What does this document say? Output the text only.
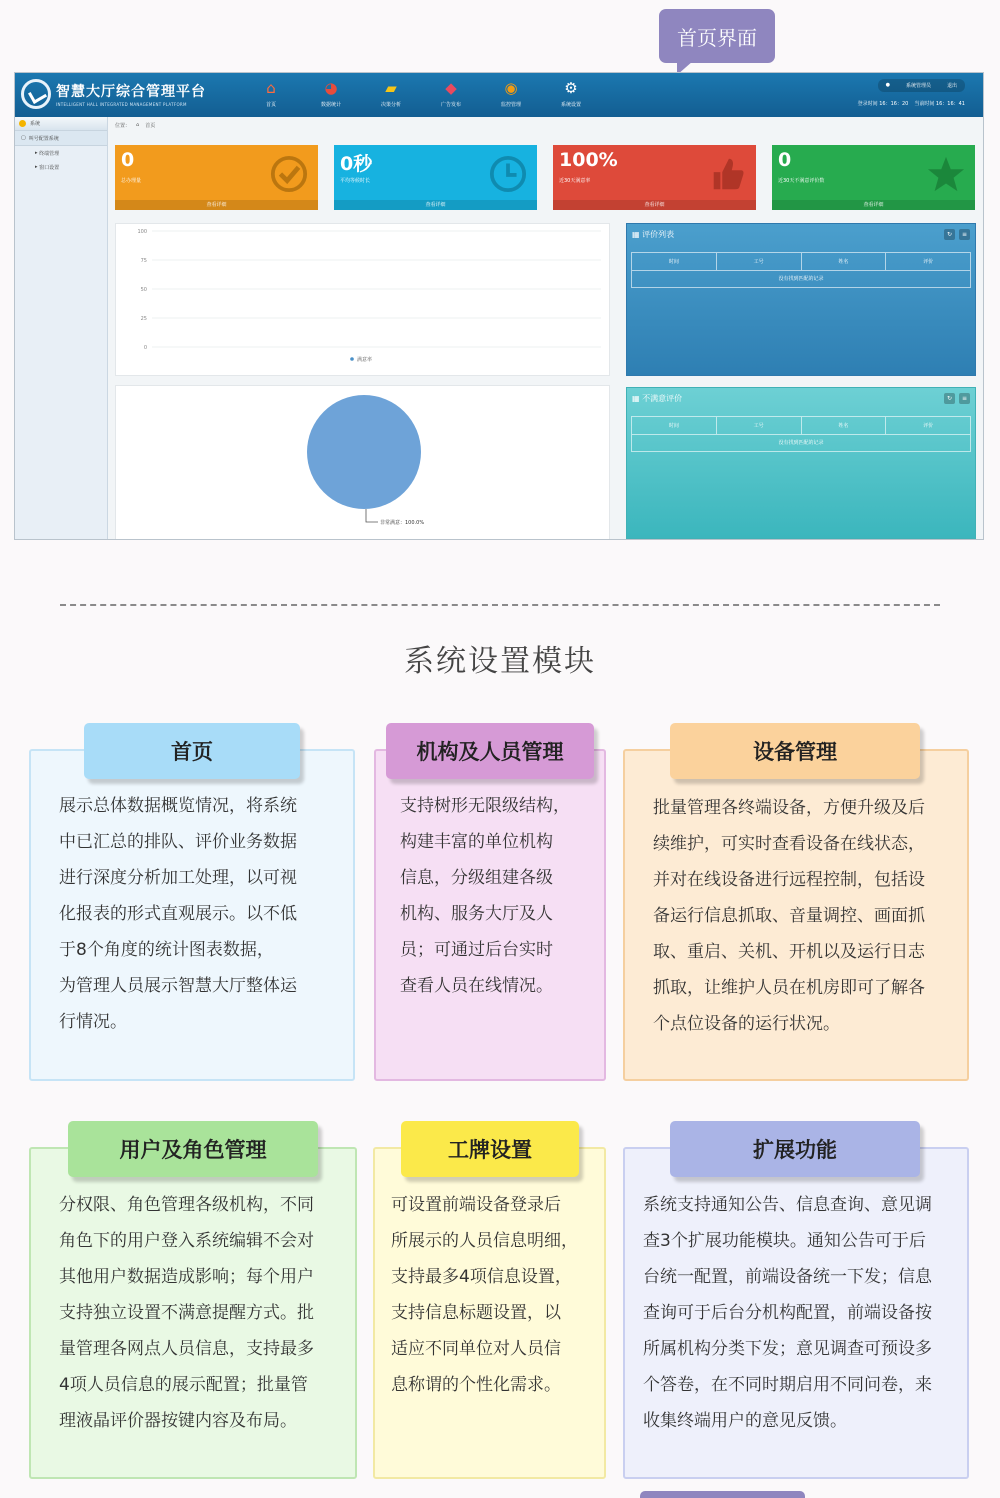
首页界面
智慧大厅综合管理平台
INTELLIGENT HALL INTEGRATED MANAGEMENT PLATFORM
⌂
首页
◕
数据统计
▰
决策分析
◆
广告发布
◉
监控管理
⚙
系统设置
●	系统管理员	退出
登录时间 16：16：20 当前时间 16：16：41
系统
▢ 叫号配置系统
▸ 终端管理
▸ 窗口设置
位置： ⌂ 首页
0
总办理量
查看详细
0秒
平均等候时长
查看详细
100%
近30天满意率
查看详细
0
近30天不满意评价数
查看详细
100
75
50
25
0
满意率
非常满意：100.0%
▦ 评价列表	↻	≡
时间	工号	姓名	评价
没有找到匹配的记录
▦ 不满意评价	↻	≡
时间	工号	姓名	评价
没有找到匹配的记录
系统设置模块
展示总体数据概览情况，将系统
中已汇总的排队、评价业务数据
进行深度分析加工处理，以可视
化报表的形式直观展示。以不低
于8个角度的统计图表数据，
为管理人员展示智慧大厅整体运
行情况。
首页
支持树形无限级结构，
构建丰富的单位机构
信息，分级组建各级
机构、服务大厅及人
员；可通过后台实时
查看人员在线情况。
机构及人员管理
批量管理各终端设备，方便升级及后
续维护，可实时查看设备在线状态，
并对在线设备进行远程控制，包括设
备运行信息抓取、音量调控、画面抓
取、重启、关机、开机以及运行日志
抓取，让维护人员在机房即可了解各
个点位设备的运行状况。
设备管理
分权限、角色管理各级机构，不同
角色下的用户登入系统编辑不会对
其他用户数据造成影响；每个用户
支持独立设置不满意提醒方式。批
量管理各网点人员信息，支持最多
4项人员信息的展示配置；批量管
理液晶评价器按键内容及布局。
用户及角色管理
可设置前端设备登录后
所展示的人员信息明细，
支持最多4项信息设置，
支持信息标题设置，以
适应不同单位对人员信
息称谓的个性化需求。
工牌设置
系统支持通知公告、信息查询、意见调
查3个扩展功能模块。通知公告可于后
台统一配置，前端设备统一下发；信息
查询可于后台分机构配置，前端设备按
所属机构分类下发；意见调查可预设多
个答卷，在不同时期启用不同问卷，来
收集终端用户的意见反馈。
扩展功能
